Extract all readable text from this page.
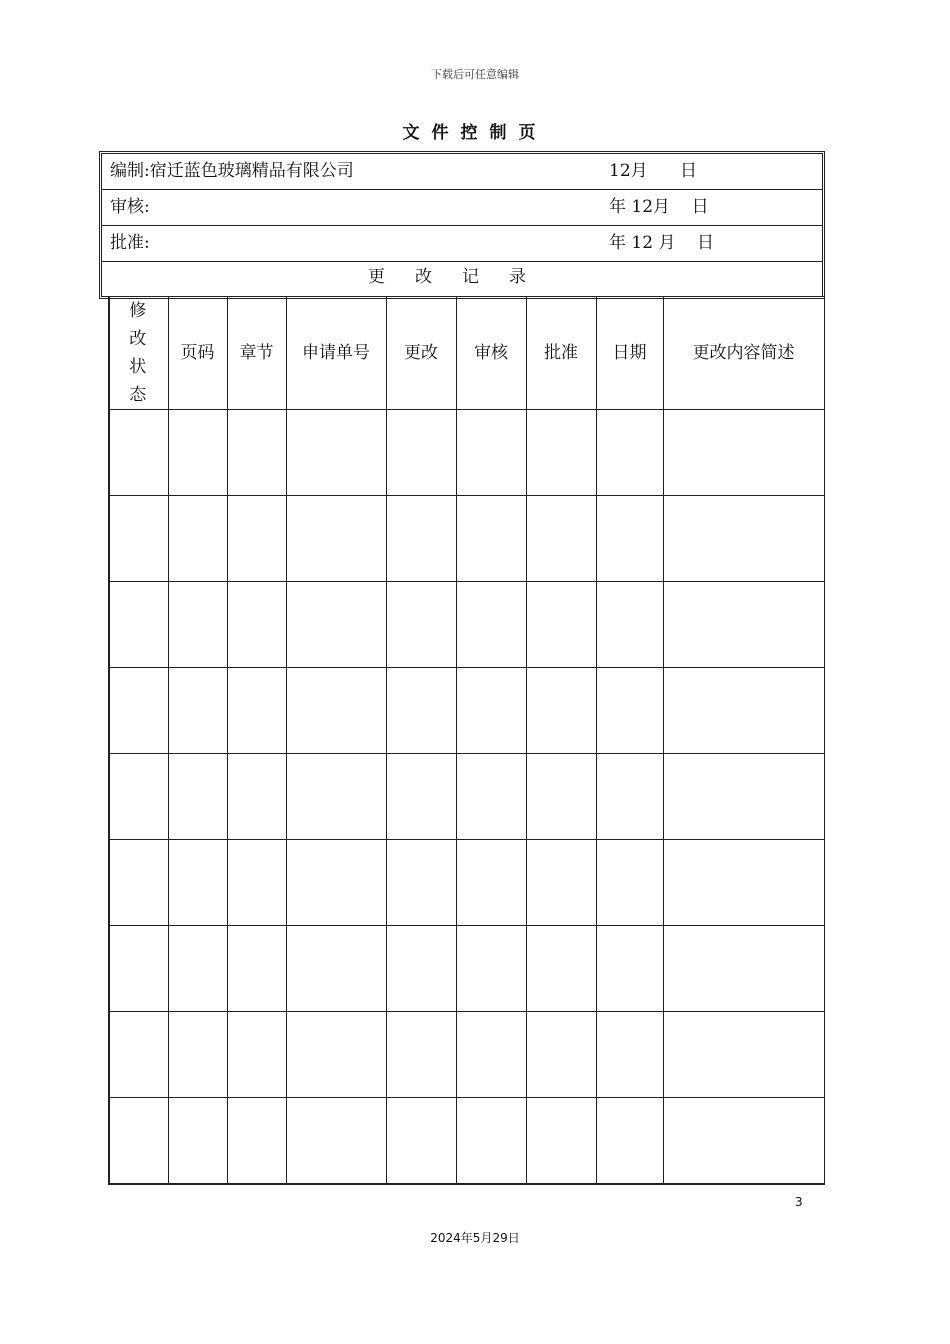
下载后可任意编辑
文件控制页
编制:宿迁蓝色玻璃精品有限公司	12月      日
审核:	年 12月    日
批准:	年 12 月    日
更改记录
修改状态	页码	章节	申请单号	更改	审核	批准	日期	更改内容简述

3
2024年5月29日
